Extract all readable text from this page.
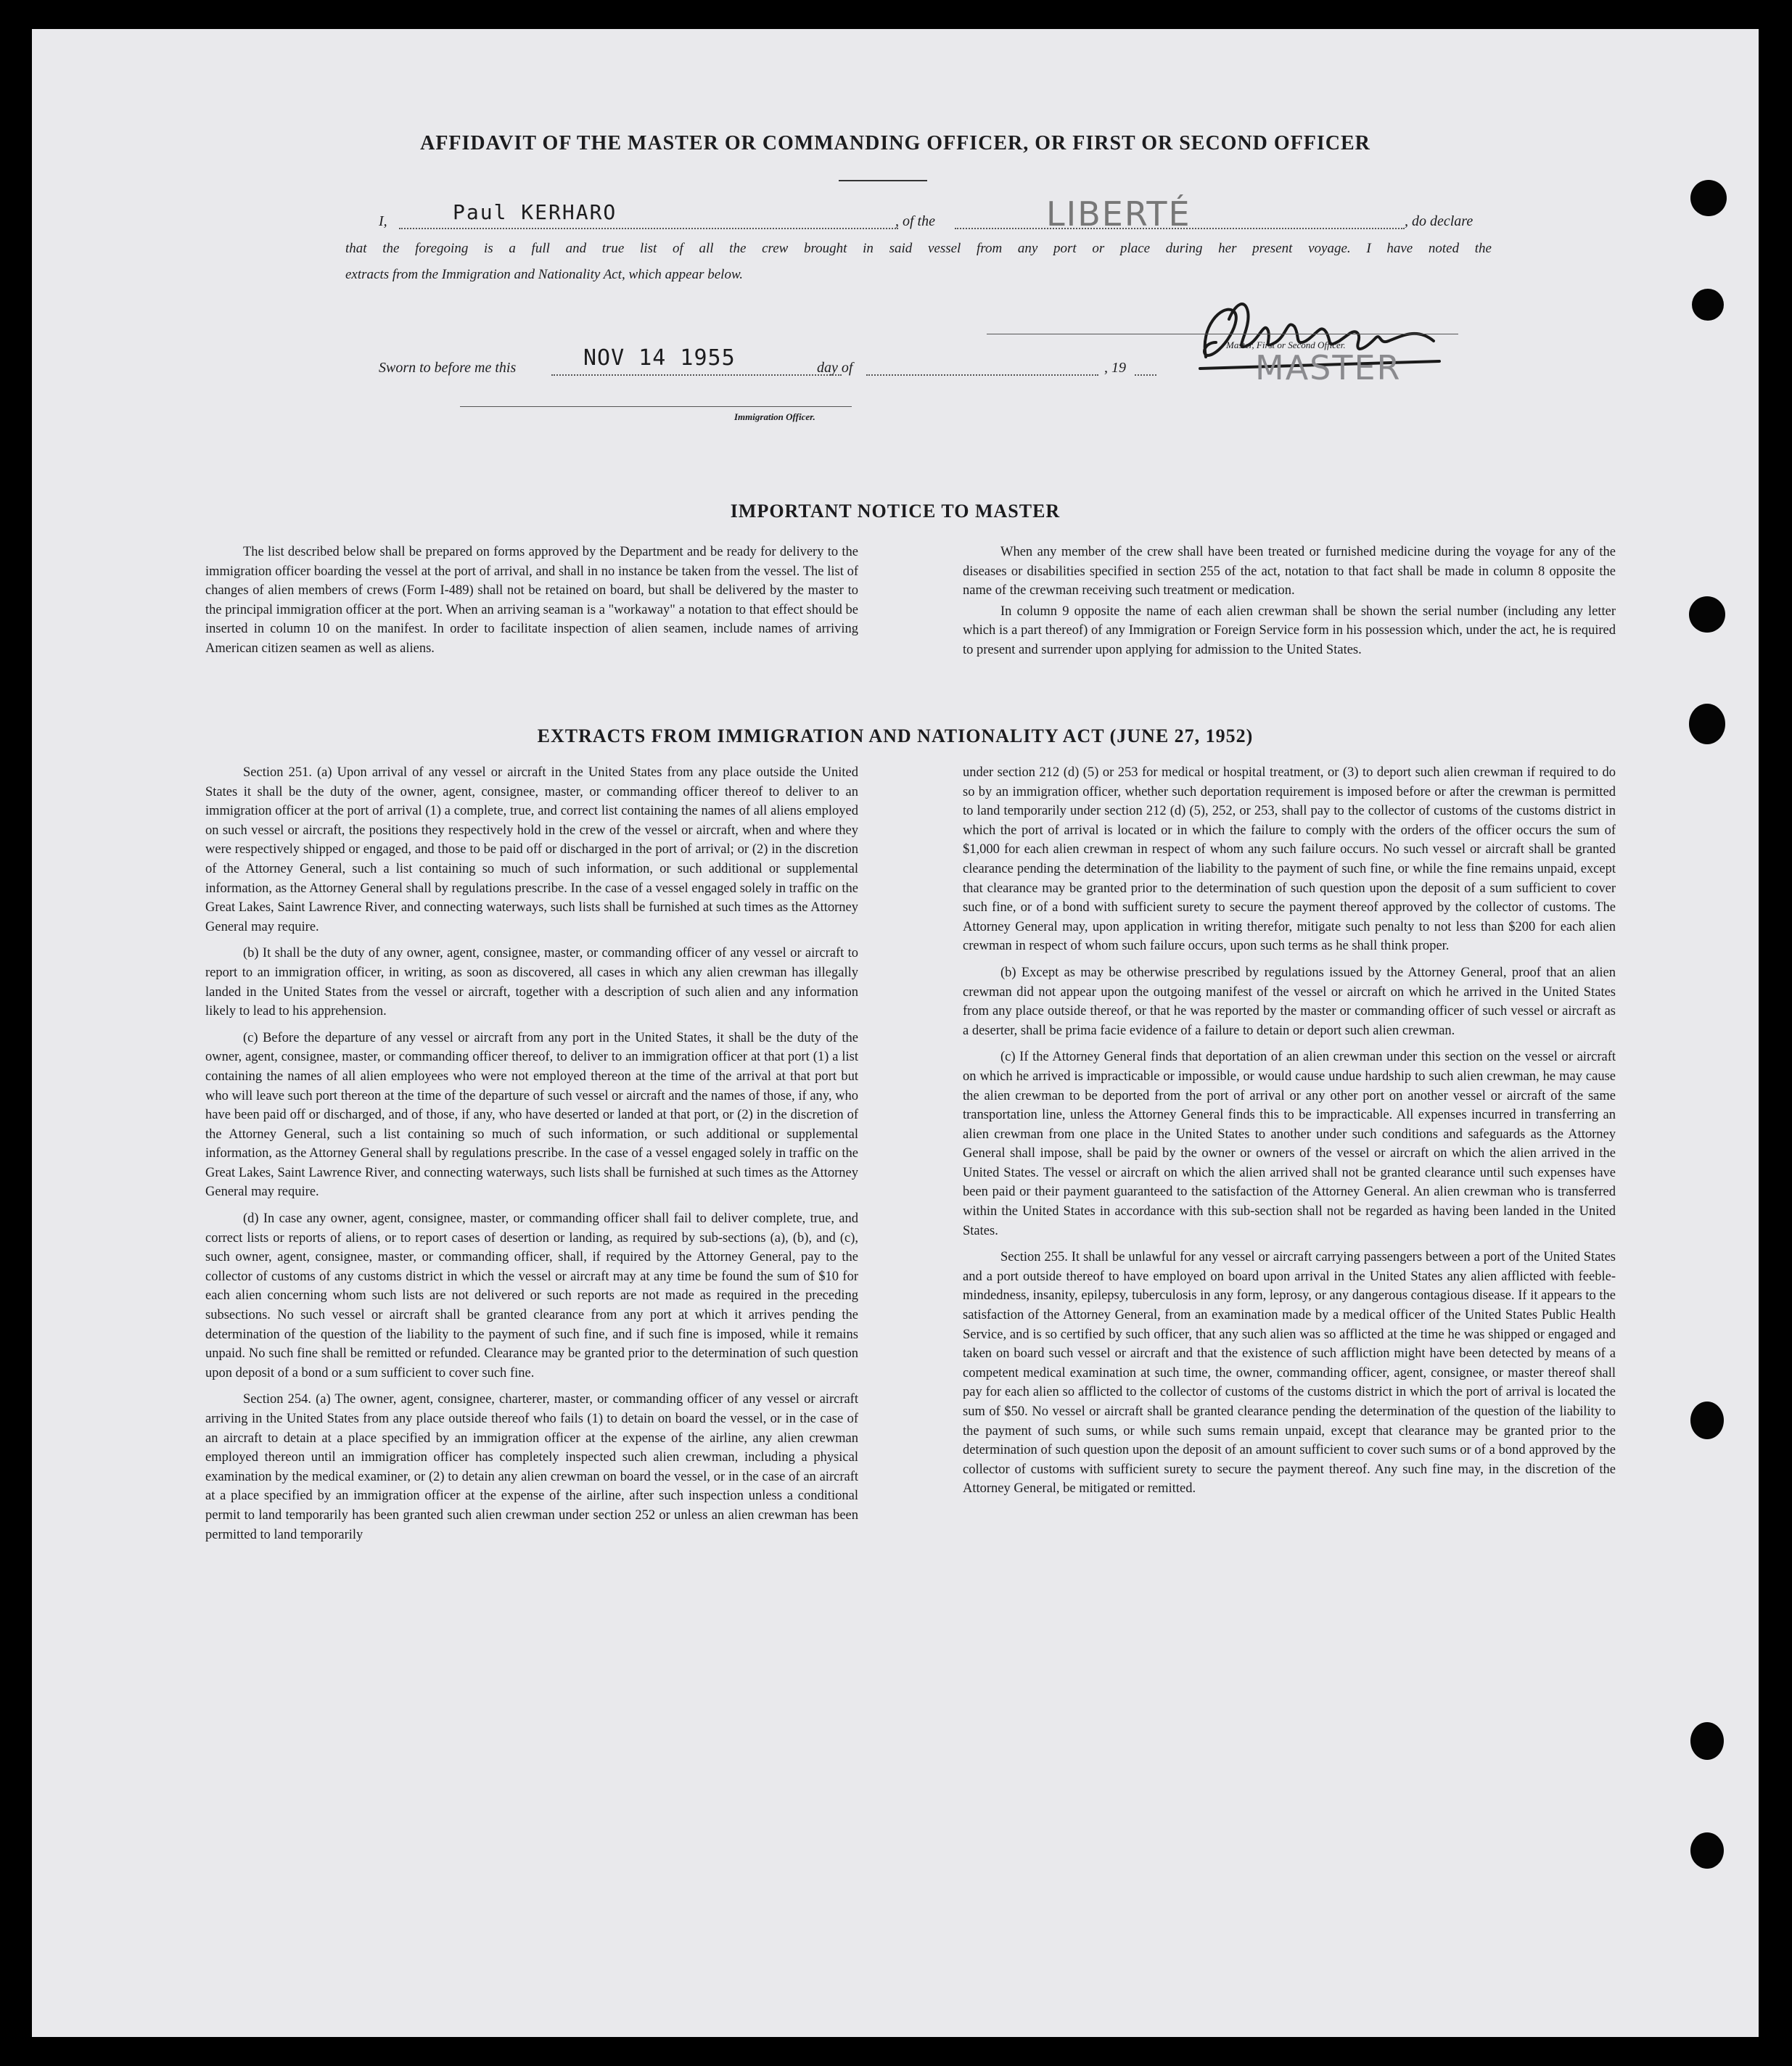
AFFIDAVIT OF THE MASTER OR COMMANDING OFFICER, OR FIRST OR SECOND OFFICER
I,	Paul KERHARO	, of the	LIBERTÉ	, do declare
that the foregoing is a full and true list of all the crew brought in said vessel from any port or place during her present voyage. I have noted the
extracts from the Immigration and Nationality Act, which appear below.
Master, First or Second Officer.
MASTER
Sworn to before me this	NOV 14 1955	day of	, 19
Immigration Officer.
IMPORTANT NOTICE TO MASTER

The list described below shall be prepared on forms approved by the Department and be ready for delivery to the immigration officer boarding the vessel at the port of arrival, and shall in no instance be taken from the vessel. The list of changes of alien members of crews (Form I-489) shall not be retained on board, but shall be delivered by the master to the principal immigration officer at the port. When an arriving seaman is a "workaway" a notation to that effect should be inserted in column 10 on the manifest. In order to facilitate inspection of alien seamen, include names of arriving American citizen seamen as well as aliens.

When any member of the crew shall have been treated or furnished medicine during the voyage for any of the diseases or disabilities specified in section 255 of the act, notation to that fact shall be made in column 8 opposite the name of the crewman receiving such treatment or medication.

In column 9 opposite the name of each alien crewman shall be shown the serial number (including any letter which is a part thereof) of any Immigration or Foreign Service form in his possession which, under the act, he is required to present and surrender upon applying for admission to the United States.

EXTRACTS FROM IMMIGRATION AND NATIONALITY ACT (JUNE 27, 1952)

Section 251. (a) Upon arrival of any vessel or aircraft in the United States from any place outside the United States it shall be the duty of the owner, agent, consignee, master, or commanding officer thereof to deliver to an immigration officer at the port of arrival (1) a complete, true, and correct list containing the names of all aliens employed on such vessel or aircraft, the positions they respectively hold in the crew of the vessel or aircraft, when and where they were respectively shipped or engaged, and those to be paid off or discharged in the port of arrival; or (2) in the discretion of the Attorney General, such a list containing so much of such information, or such additional or supplemental information, as the Attorney General shall by regulations prescribe. In the case of a vessel engaged solely in traffic on the Great Lakes, Saint Lawrence River, and connecting waterways, such lists shall be furnished at such times as the Attorney General may require.

(b) It shall be the duty of any owner, agent, consignee, master, or commanding officer of any vessel or aircraft to report to an immigration officer, in writing, as soon as discovered, all cases in which any alien crewman has illegally landed in the United States from the vessel or aircraft, together with a description of such alien and any information likely to lead to his apprehension.

(c) Before the departure of any vessel or aircraft from any port in the United States, it shall be the duty of the owner, agent, consignee, master, or commanding officer thereof, to deliver to an immigration officer at that port (1) a list containing the names of all alien employees who were not employed thereon at the time of the arrival at that port but who will leave such port thereon at the time of the departure of such vessel or aircraft and the names of those, if any, who have been paid off or discharged, and of those, if any, who have deserted or landed at that port, or (2) in the discretion of the Attorney General, such a list containing so much of such information, or such additional or supplemental information, as the Attorney General shall by regulations prescribe. In the case of a vessel engaged solely in traffic on the Great Lakes, Saint Lawrence River, and connecting waterways, such lists shall be furnished at such times as the Attorney General may require.

(d) In case any owner, agent, consignee, master, or commanding officer shall fail to deliver complete, true, and correct lists or reports of aliens, or to report cases of desertion or landing, as required by sub-sections (a), (b), and (c), such owner, agent, consignee, master, or commanding officer, shall, if required by the Attorney General, pay to the collector of customs of any customs district in which the vessel or aircraft may at any time be found the sum of $10 for each alien concerning whom such lists are not delivered or such reports are not made as required in the preceding subsections. No such vessel or aircraft shall be granted clearance from any port at which it arrives pending the determination of the question of the liability to the payment of such fine, and if such fine is imposed, while it remains unpaid. No such fine shall be remitted or refunded. Clearance may be granted prior to the determination of such question upon deposit of a bond or a sum sufficient to cover such fine.

Section 254. (a) The owner, agent, consignee, charterer, master, or commanding officer of any vessel or aircraft arriving in the United States from any place outside thereof who fails (1) to detain on board the vessel, or in the case of an aircraft to detain at a place specified by an immigration officer at the expense of the airline, any alien crewman employed thereon until an immigration officer has completely inspected such alien crewman, including a physical examination by the medical examiner, or (2) to detain any alien crewman on board the vessel, or in the case of an aircraft at a place specified by an immigration officer at the expense of the airline, after such inspection unless a conditional permit to land temporarily has been granted such alien crewman under section 252 or unless an alien crewman has been permitted to land temporarily

under section 212 (d) (5) or 253 for medical or hospital treatment, or (3) to deport such alien crewman if required to do so by an immigration officer, whether such deportation requirement is imposed before or after the crewman is permitted to land temporarily under section 212 (d) (5), 252, or 253, shall pay to the collector of customs of the customs district in which the port of arrival is located or in which the failure to comply with the orders of the officer occurs the sum of $1,000 for each alien crewman in respect of whom any such failure occurs. No such vessel or aircraft shall be granted clearance pending the determination of the liability to the payment of such fine, or while the fine remains unpaid, except that clearance may be granted prior to the determination of such question upon the deposit of a sum sufficient to cover such fine, or of a bond with sufficient surety to secure the payment thereof approved by the collector of customs. The Attorney General may, upon application in writing therefor, mitigate such penalty to not less than $200 for each alien crewman in respect of whom such failure occurs, upon such terms as he shall think proper.

(b) Except as may be otherwise prescribed by regulations issued by the Attorney General, proof that an alien crewman did not appear upon the outgoing manifest of the vessel or aircraft on which he arrived in the United States from any place outside thereof, or that he was reported by the master or commanding officer of such vessel or aircraft as a deserter, shall be prima facie evidence of a failure to detain or deport such alien crewman.

(c) If the Attorney General finds that deportation of an alien crewman under this section on the vessel or aircraft on which he arrived is impracticable or impossible, or would cause undue hardship to such alien crewman, he may cause the alien crewman to be deported from the port of arrival or any other port on another vessel or aircraft of the same transportation line, unless the Attorney General finds this to be impracticable. All expenses incurred in transferring an alien crewman from one place in the United States to another under such conditions and safeguards as the Attorney General shall impose, shall be paid by the owner or owners of the vessel or aircraft on which the alien arrived in the United States. The vessel or aircraft on which the alien arrived shall not be granted clearance until such expenses have been paid or their payment guaranteed to the satisfaction of the Attorney General. An alien crewman who is transferred within the United States in accordance with this sub-section shall not be regarded as having been landed in the United States.

Section 255. It shall be unlawful for any vessel or aircraft carrying passengers between a port of the United States and a port outside thereof to have employed on board upon arrival in the United States any alien afflicted with feeble-mindedness, insanity, epilepsy, tuberculosis in any form, leprosy, or any dangerous contagious disease. If it appears to the satisfaction of the Attorney General, from an examination made by a medical officer of the United States Public Health Service, and is so certified by such officer, that any such alien was so afflicted at the time he was shipped or engaged and taken on board such vessel or aircraft and that the existence of such affliction might have been detected by means of a competent medical examination at such time, the owner, commanding officer, agent, consignee, or master thereof shall pay for each alien so afflicted to the collector of customs of the customs district in which the port of arrival is located the sum of $50. No vessel or aircraft shall be granted clearance pending the determination of the question of the liability to the payment of such sums, or while such sums remain unpaid, except that clearance may be granted prior to the determination of such question upon the deposit of an amount sufficient to cover such sums or of a bond approved by the collector of customs with sufficient surety to secure the payment thereof. Any such fine may, in the discretion of the Attorney General, be mitigated or remitted.
